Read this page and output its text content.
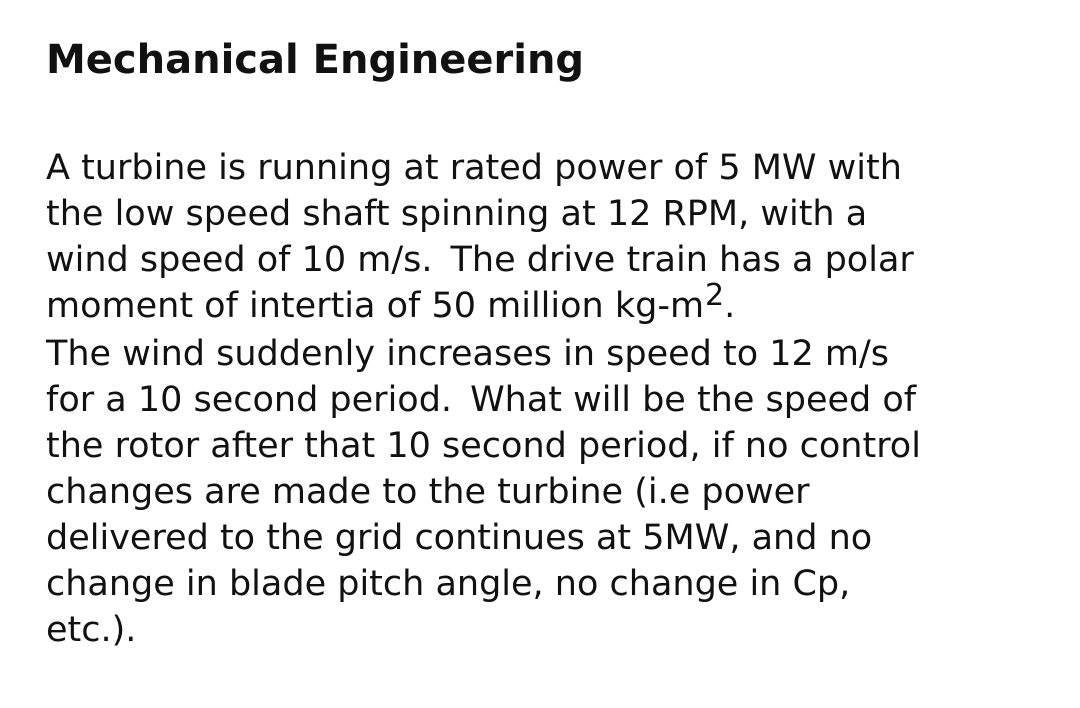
Mechanical Engineering
A turbine is running at rated power of 5 MW with
the low speed shaft spinning at 12 RPM, with a
wind speed of 10 m/s. The drive train has a polar
moment of intertia of 50 million $kg-m^2$.
The wind suddenly increases in speed to 12 m/s
for a 10 second period. What will be the speed of
the rotor after that 10 second period, if no control
changes are made to the turbine (i.e power
delivered to the grid continues at 5MW, and no
change in blade pitch angle, no change in Cp,
etc.).
